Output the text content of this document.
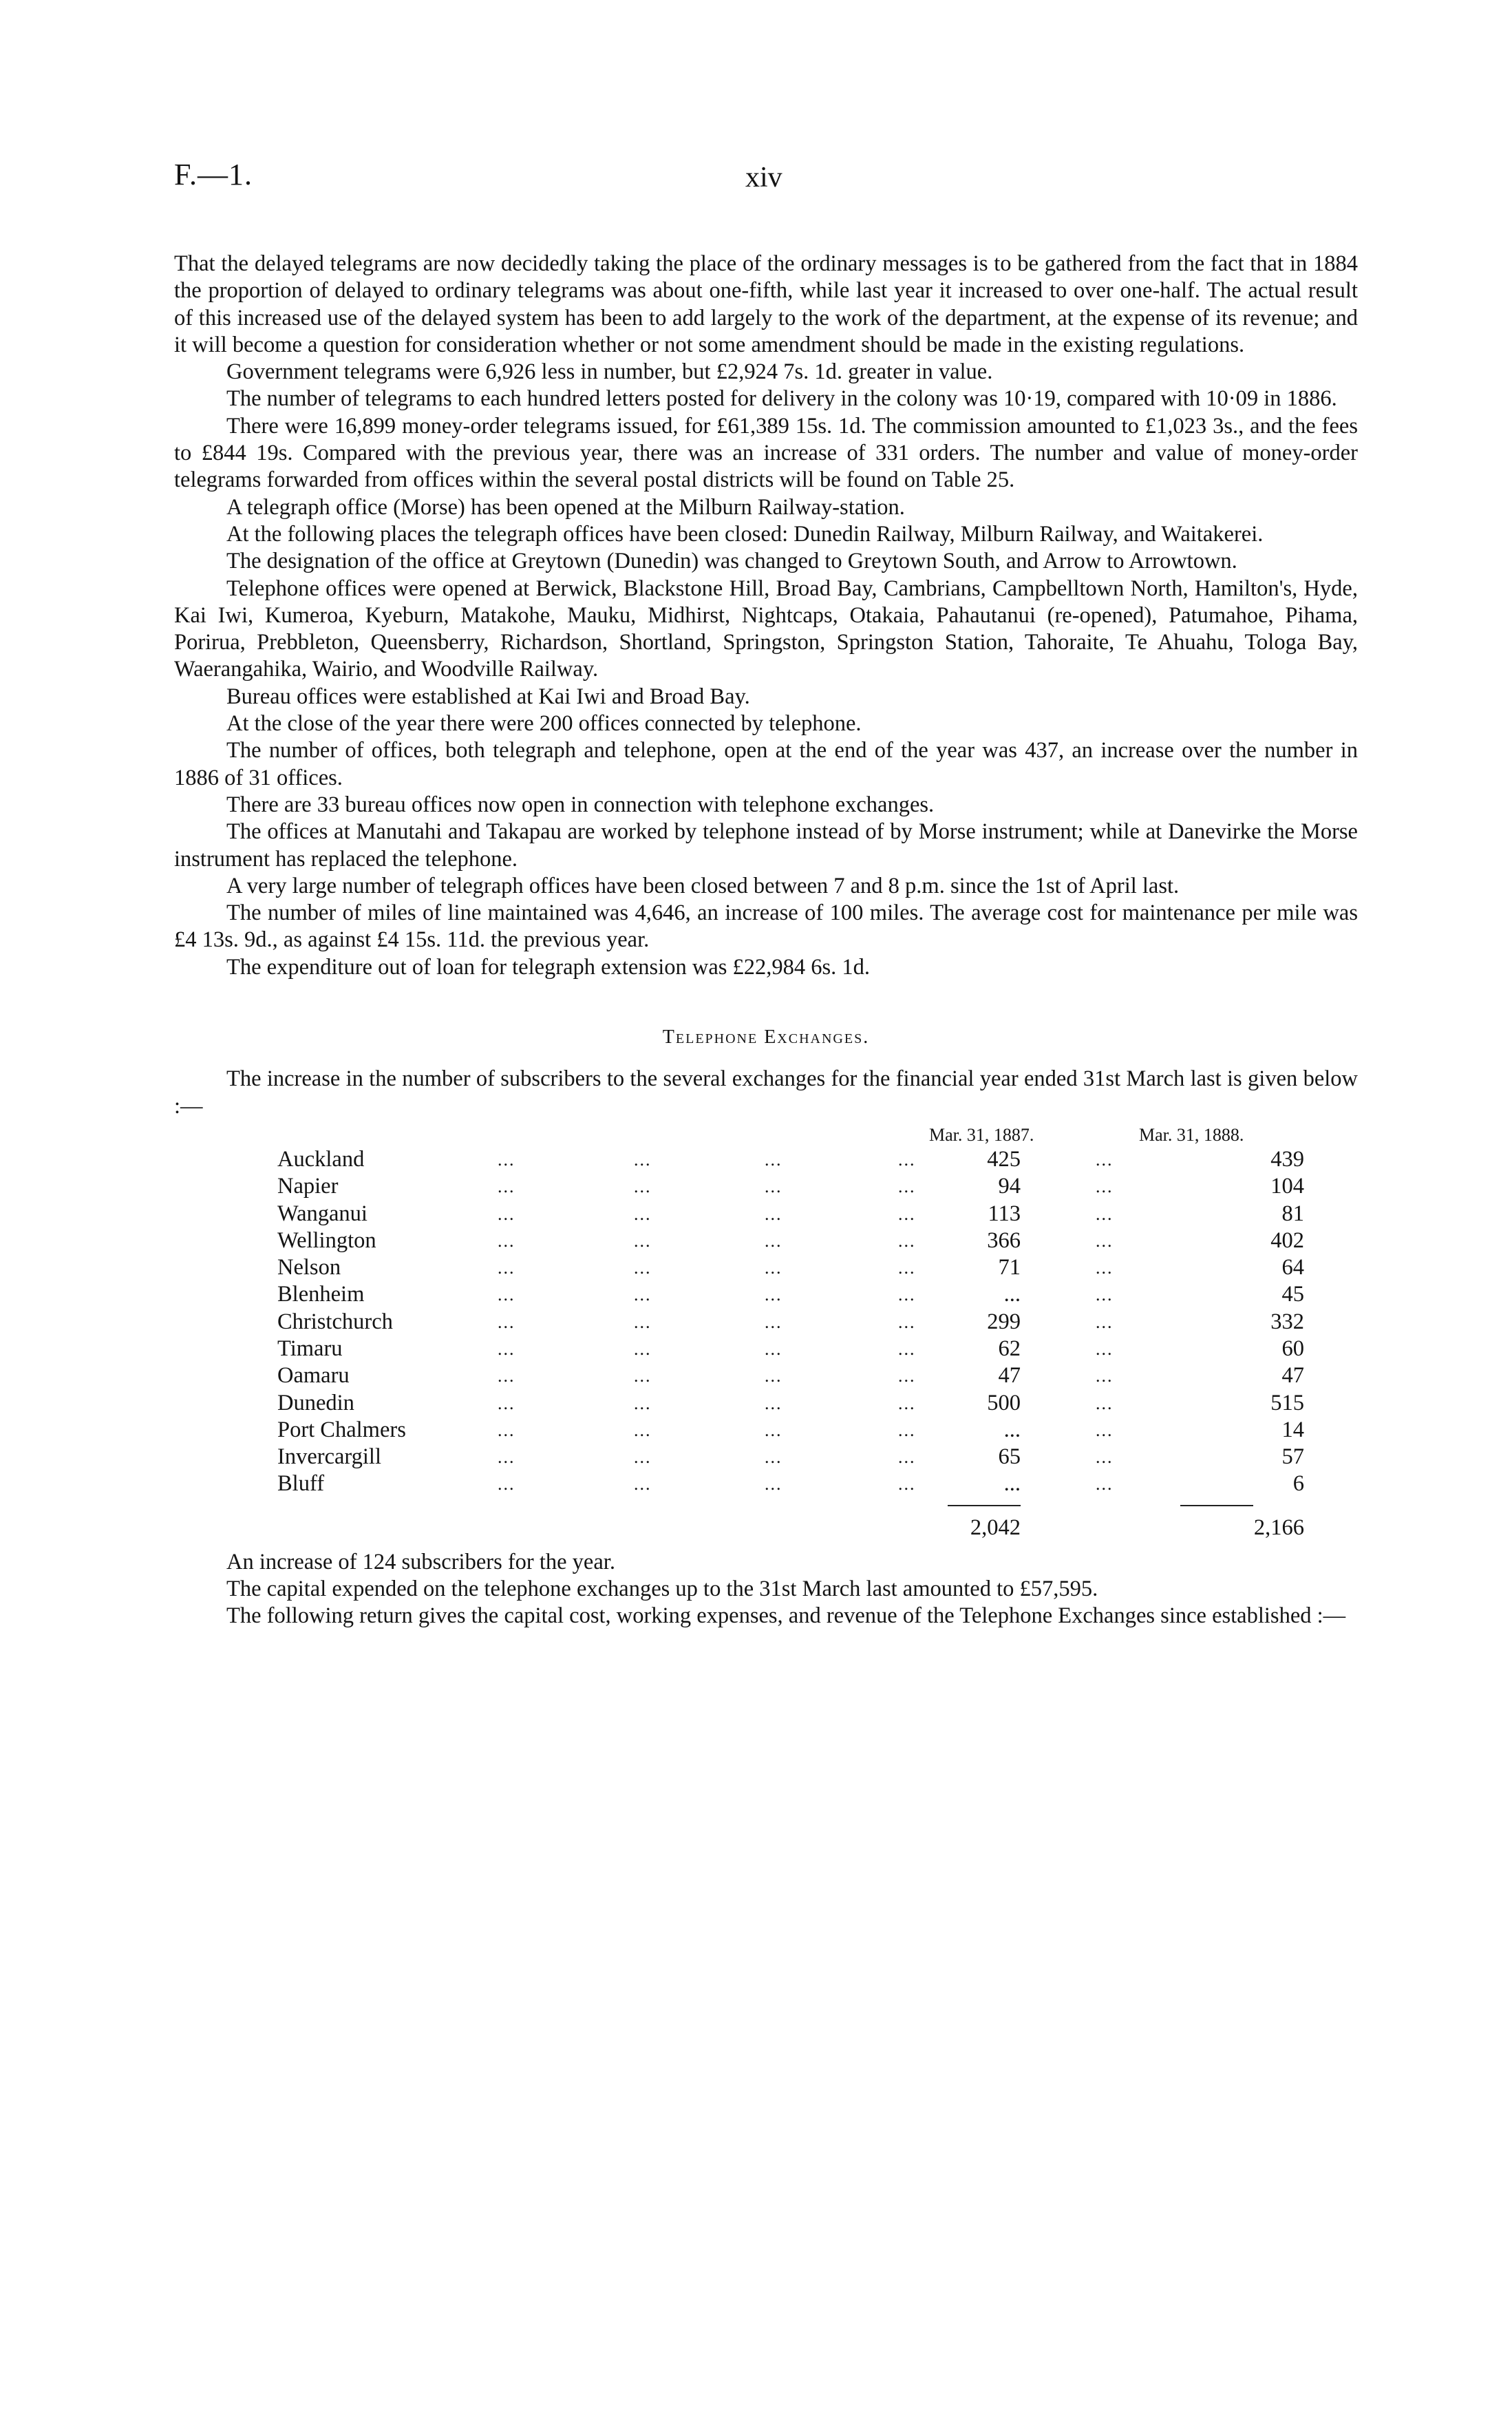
F.—1.	xiv

That the delayed telegrams are now decidedly taking the place of the ordinary messages is to be gathered from the fact that in 1884 the proportion of delayed to ordinary telegrams was about one-fifth, while last year it increased to over one-half. The actual result of this increased use of the delayed system has been to add largely to the work of the department, at the expense of its revenue; and it will become a question for consideration whether or not some amendment should be made in the existing regulations.

Government telegrams were 6,926 less in number, but £2,924 7s. 1d. greater in value.

The number of telegrams to each hundred letters posted for delivery in the colony was 10·19, compared with 10·09 in 1886.

There were 16,899 money-order telegrams issued, for £61,389 15s. 1d. The commission amounted to £1,023 3s., and the fees to £844 19s. Compared with the previous year, there was an increase of 331 orders. The number and value of money-order telegrams forwarded from offices within the several postal districts will be found on Table 25.

A telegraph office (Morse) has been opened at the Milburn Railway-station.

At the following places the telegraph offices have been closed: Dunedin Railway, Milburn Railway, and Waitakerei.

The designation of the office at Greytown (Dunedin) was changed to Greytown South, and Arrow to Arrowtown.

Telephone offices were opened at Berwick, Blackstone Hill, Broad Bay, Cambrians, Campbelltown North, Hamilton's, Hyde, Kai Iwi, Kumeroa, Kyeburn, Matakohe, Mauku, Midhirst, Nightcaps, Otakaia, Pahautanui (re-opened), Patumahoe, Pihama, Porirua, Prebbleton, Queensberry, Richardson, Shortland, Springston, Springston Station, Tahoraite, Te Ahuahu, Tologa Bay, Waerangahika, Wairio, and Woodville Railway.

Bureau offices were established at Kai Iwi and Broad Bay.

At the close of the year there were 200 offices connected by telephone.

The number of offices, both telegraph and telephone, open at the end of the year was 437, an increase over the number in 1886 of 31 offices.

There are 33 bureau offices now open in connection with telephone exchanges.

The offices at Manutahi and Takapau are worked by telephone instead of by Morse instrument; while at Danevirke the Morse instrument has replaced the telephone.

A very large number of telegraph offices have been closed between 7 and 8 p.m. since the 1st of April last.

The number of miles of line maintained was 4,646, an increase of 100 miles. The average cost for maintenance per mile was £4 13s. 9d., as against £4 15s. 11d. the previous year.

The expenditure out of loan for telegraph extension was £22,984 6s. 1d.

Telephone Exchanges.

The increase in the number of subscribers to the several exchanges for the financial year ended 31st March last is given below :—

Mar. 31, 1887.	Mar. 31, 1888.
Auckland	...	...	...	...	425	...	439
Napier	...	...	...	...	94	...	104
Wanganui	...	...	...	...	113	...	81
Wellington	...	...	...	...	366	...	402
Nelson	...	...	...	...	71	...	64
Blenheim	...	...	...	...	...	...	45
Christchurch	...	...	...	...	299	...	332
Timaru	...	...	...	...	62	...	60
Oamaru	...	...	...	...	47	...	47
Dunedin	...	...	...	...	500	...	515
Port Chalmers	...	...	...	...	...	...	14
Invercargill	...	...	...	...	65	...	57
Bluff	...	...	...	...	...	...	6
2,042	2,166

An increase of 124 subscribers for the year.

The capital expended on the telephone exchanges up to the 31st March last amounted to £57,595.

The following return gives the capital cost, working expenses, and revenue of the Telephone Exchanges since established :—
